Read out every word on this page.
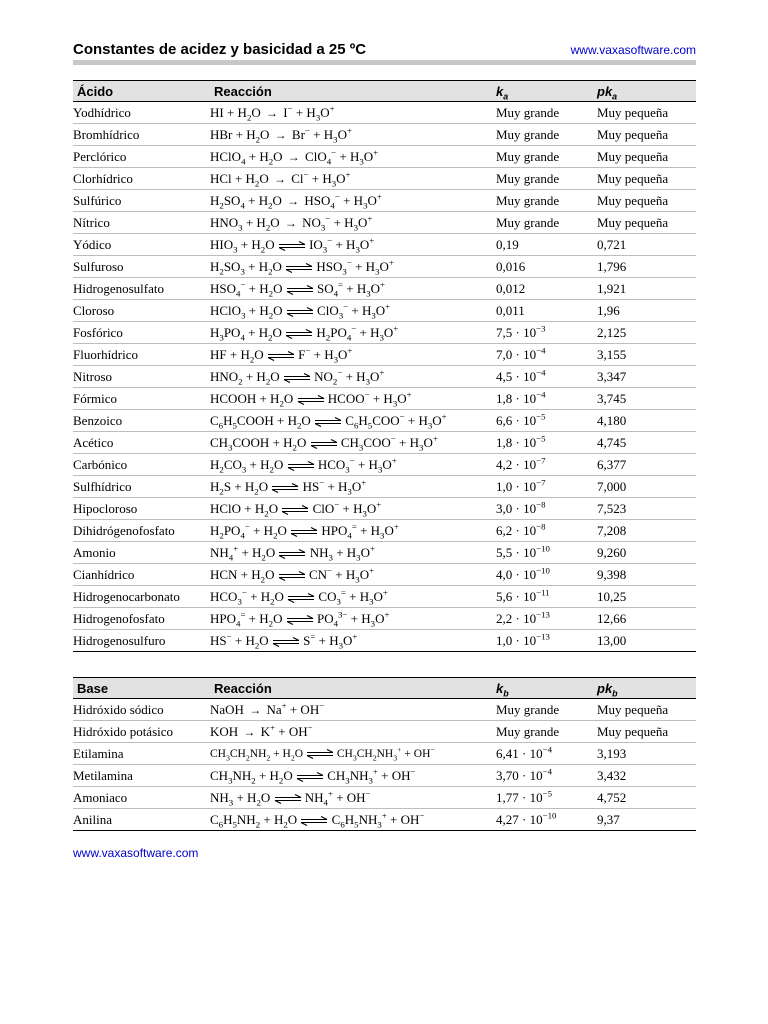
Constantes de acidez y basicidad a 25 ºC	www.vaxasoftware.com
Ácido	Reacción	$k_a$	$pk_a$
Yodhídrico	HI + $H_2O \to I^- + H_3O^+$	Muy grande	Muy pequeña
Bromhídrico	HBr + $H_2O \to Br^- + H_3O^+$	Muy grande	Muy pequeña
Perclórico	HClO$_4$ + $H_2O \to ClO_4^- + H_3O^+$	Muy grande	Muy pequeña
Clorhídrico	HCl + $H_2O \to Cl^- + H_3O^+$	Muy grande	Muy pequeña
Sulfúrico	$H_2SO_4 + H_2O \to HSO_4^- + H_3O^+$	Muy grande	Muy pequeña
Nítrico	$HNO_3 + H_2O \to NO_3^- + H_3O^+$	Muy grande	Muy pequeña
Yódico	$HIO_3 + H_2O$ ⇌ $IO_3^- + H_3O^+$	0,19	0,721
Sulfuroso	$H_2SO_3 + H_2O$ ⇌ $HSO_3^- + H_3O^+$	0,016	1,796
Hidrogenosulfato	$HSO_4^- + H_2O$ ⇌ $SO_4^= + H_3O^+$	0,012	1,921
Cloroso	HClO$_3$ + $H_2O$ ⇌ $ClO_3^- + H_3O^+$	0,011	1,96
Fosfórico	$H_3PO_4 + H_2O$ ⇌ $H_2PO_4^- + H_3O^+$	$7,5 \cdot 10^{-3}$	2,125
Fluorhídrico	HF + $H_2O$ ⇌ $F^- + H_3O^+$	$7,0 \cdot 10^{-4}$	3,155
Nitroso	$HNO_2 + H_2O$ ⇌ $NO_2^- + H_3O^+$	$4,5 \cdot 10^{-4}$	3,347
Fórmico	HCOOH + $H_2O$ ⇌ HCOO− + $H_3O^+$	$1,8 \cdot 10^{-4}$	3,745
Benzoico	$C_6H_5COOH + H_2O$ ⇌ $C_6H_5COO^- + H_3O^+$	$6,6 \cdot 10^{-5}$	4,180
Acético	$CH_3COOH + H_2O$ ⇌ $CH_3COO^- + H_3O^+$	$1,8 \cdot 10^{-5}$	4,745
Carbónico	$H_2CO_3 + H_2O$ ⇌ $HCO_3^- + H_3O^+$	$4,2 \cdot 10^{-7}$	6,377
Sulfhídrico	$H_2S + H_2O$ ⇌ $HS^- + H_3O^+$	$1,0 \cdot 10^{-7}$	7,000
Hipocloroso	HClO + $H_2O$ ⇌ $ClO^- + H_3O^+$	$3,0 \cdot 10^{-8}$	7,523
Dihidrógenofosfato	$H_2PO_4^- + H_2O$ ⇌ $HPO_4^= + H_3O^+$	$6,2 \cdot 10^{-8}$	7,208
Amonio	$NH_4^+ + H_2O$ ⇌ $NH_3 + H_3O^+$	$5,5 \cdot 10^{-10}$	9,260
Cianhídrico	HCN + $H_2O$ ⇌ $CN^- + H_3O^+$	$4,0 \cdot 10^{-10}$	9,398
Hidrogenocarbonato	$HCO_3^- + H_2O$ ⇌ $CO_3^= + H_3O^+$	$5,6 \cdot 10^{-11}$	10,25
Hidrogenofosfato	$HPO_4^= + H_2O$ ⇌ $PO_4^{3-} + H_3O^+$	$2,2 \cdot 10^{-13}$	12,66
Hidrogenosulfuro	$HS^- + H_2O$ ⇌ $S^= + H_3O^+$	$1,0 \cdot 10^{-13}$	13,00
Base	Reacción	$k_b$	$pk_b$
Hidróxido sódico	NaOH → Na+ + OH−	Muy grande	Muy pequeña
Hidróxido potásico	KOH → K+ + OH−	Muy grande	Muy pequeña
Etilamina	$CH_3CH_2NH_2 + H_2O$ ⇌ $CH_3CH_2NH_3^+ + OH^-$	$6,41 \cdot 10^{-4}$	3,193
Metilamina	$CH_3NH_2 + H_2O$ ⇌ $CH_3NH_3^+ + OH^-$	$3,70 \cdot 10^{-4}$	3,432
Amoniaco	$NH_3 + H_2O$ ⇌ $NH_4^+ + OH^-$	$1,77 \cdot 10^{-5}$	4,752
Anilina	$C_6H_5NH_2 + H_2O$ ⇌ $C_6H_5NH_3^+ + OH^-$	$4,27 \cdot 10^{-10}$	9,37
www.vaxasoftware.com
